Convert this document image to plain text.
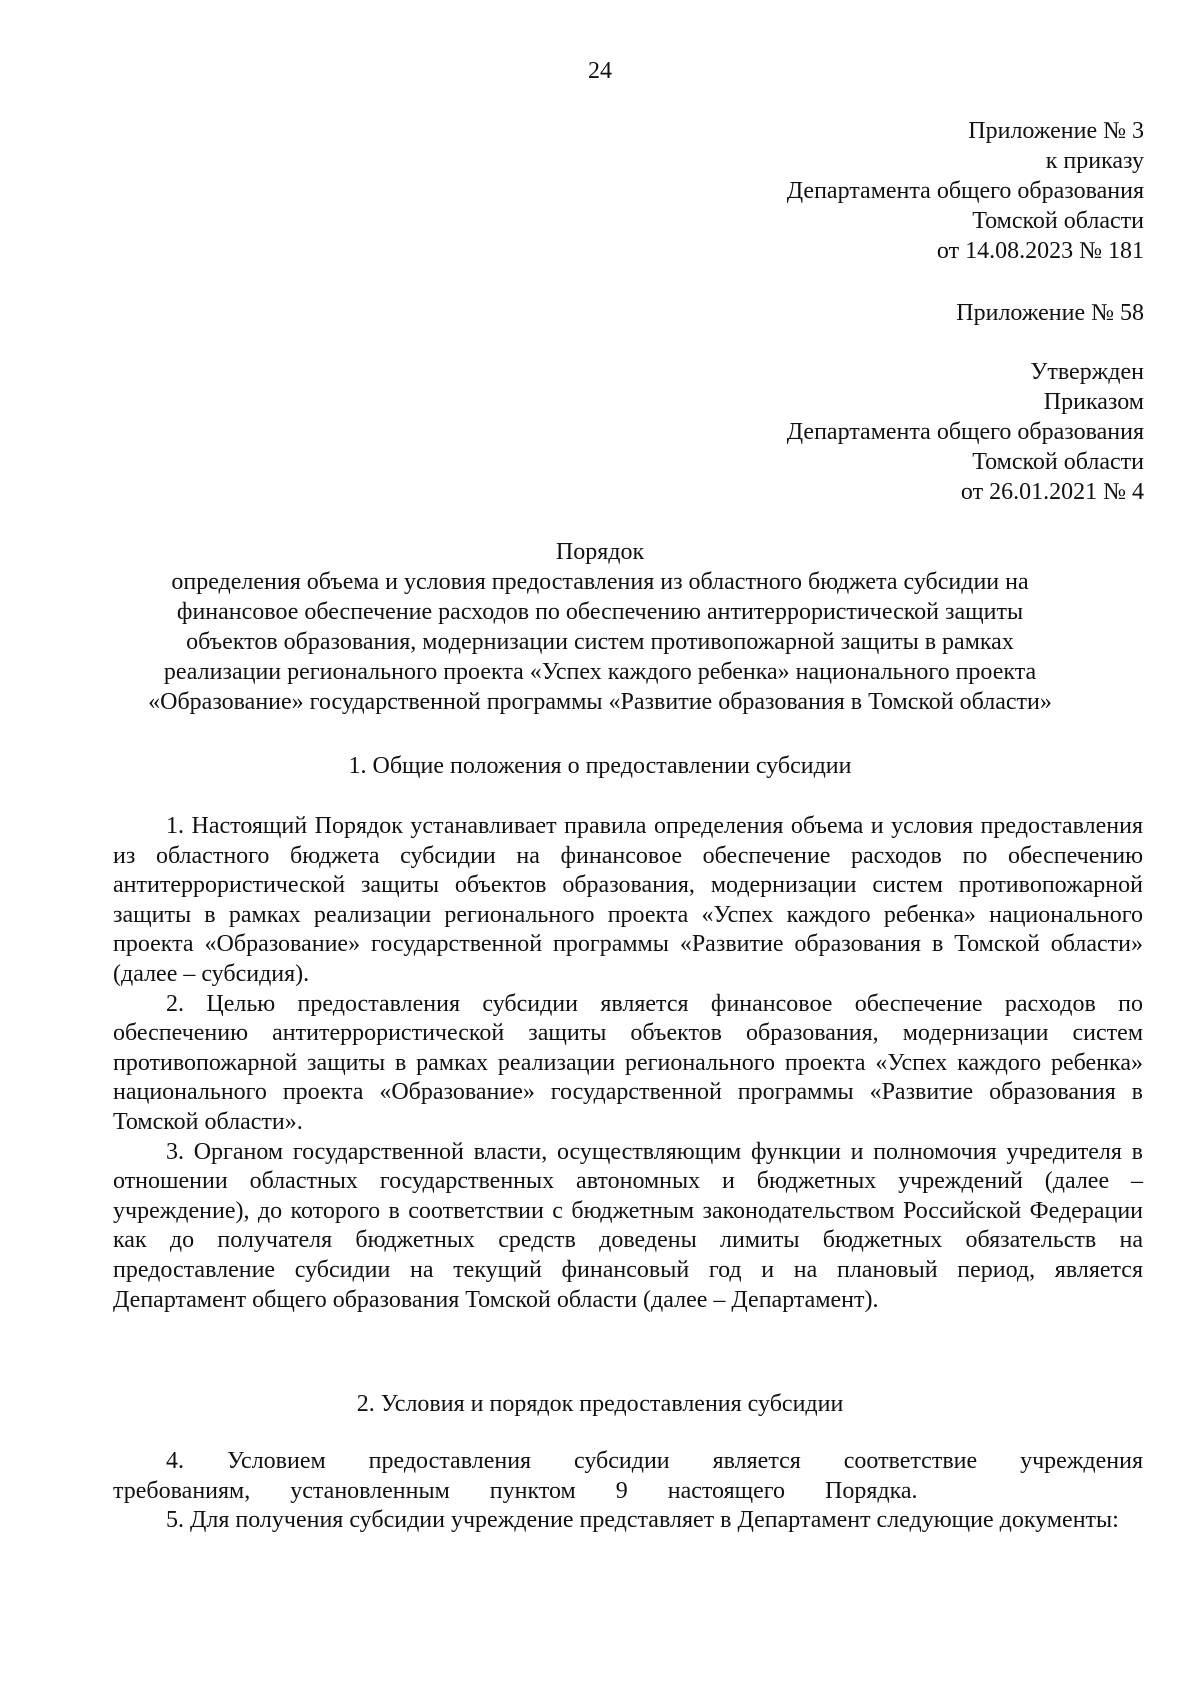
24
Приложение № 3
к приказу
Департамента общего образования
Томской области
от 14.08.2023 № 181
Приложение № 58
Утвержден
Приказом
Департамента общего образования
Томской области
от 26.01.2021 № 4
Порядок
определения объема и условия предоставления из областного бюджета субсидии на
финансовое обеспечение расходов по обеспечению антитеррористической защиты
объектов образования, модернизации систем противопожарной защиты в рамках
реализации регионального проекта «Успех каждого ребенка» национального проекта
«Образование» государственной программы «Развитие образования в Томской области»
1. Общие положения о предоставлении субсидии

1. Настоящий Порядок устанавливает правила определения объема и условия предоставления из областного бюджета субсидии на финансовое обеспечение расходов по обеспечению антитеррористической защиты объектов образования, модернизации систем противопожарной защиты в рамках реализации регионального проекта «Успех каждого ребенка» национального проекта «Образование» государственной программы «Развитие образования в Томской области» (далее – субсидия).

2. Целью предоставления субсидии является финансовое обеспечение расходов по обеспечению антитеррористической защиты объектов образования, модернизации систем противопожарной защиты в рамках реализации регионального проекта «Успех каждого ребенка» национального проекта «Образование» государственной программы «Развитие образования в Томской области».

3. Органом государственной власти, осуществляющим функции и полномочия учредителя в отношении областных государственных автономных и бюджетных учреждений (далее – учреждение), до которого в соответствии с бюджетным законодательством Российской Федерации как до получателя бюджетных средств доведены лимиты бюджетных обязательств на предоставление субсидии на текущий финансовый год и на плановый период, является Департамент общего образования Томской области (далее – Департамент).

2. Условия и порядок предоставления субсидии

4. Условием предоставления субсидии является соответствие учреждения требованиям, установленным пунктом 9 настоящего Порядка.

5. Для получения субсидии учреждение представляет в Департамент следующие документы:
